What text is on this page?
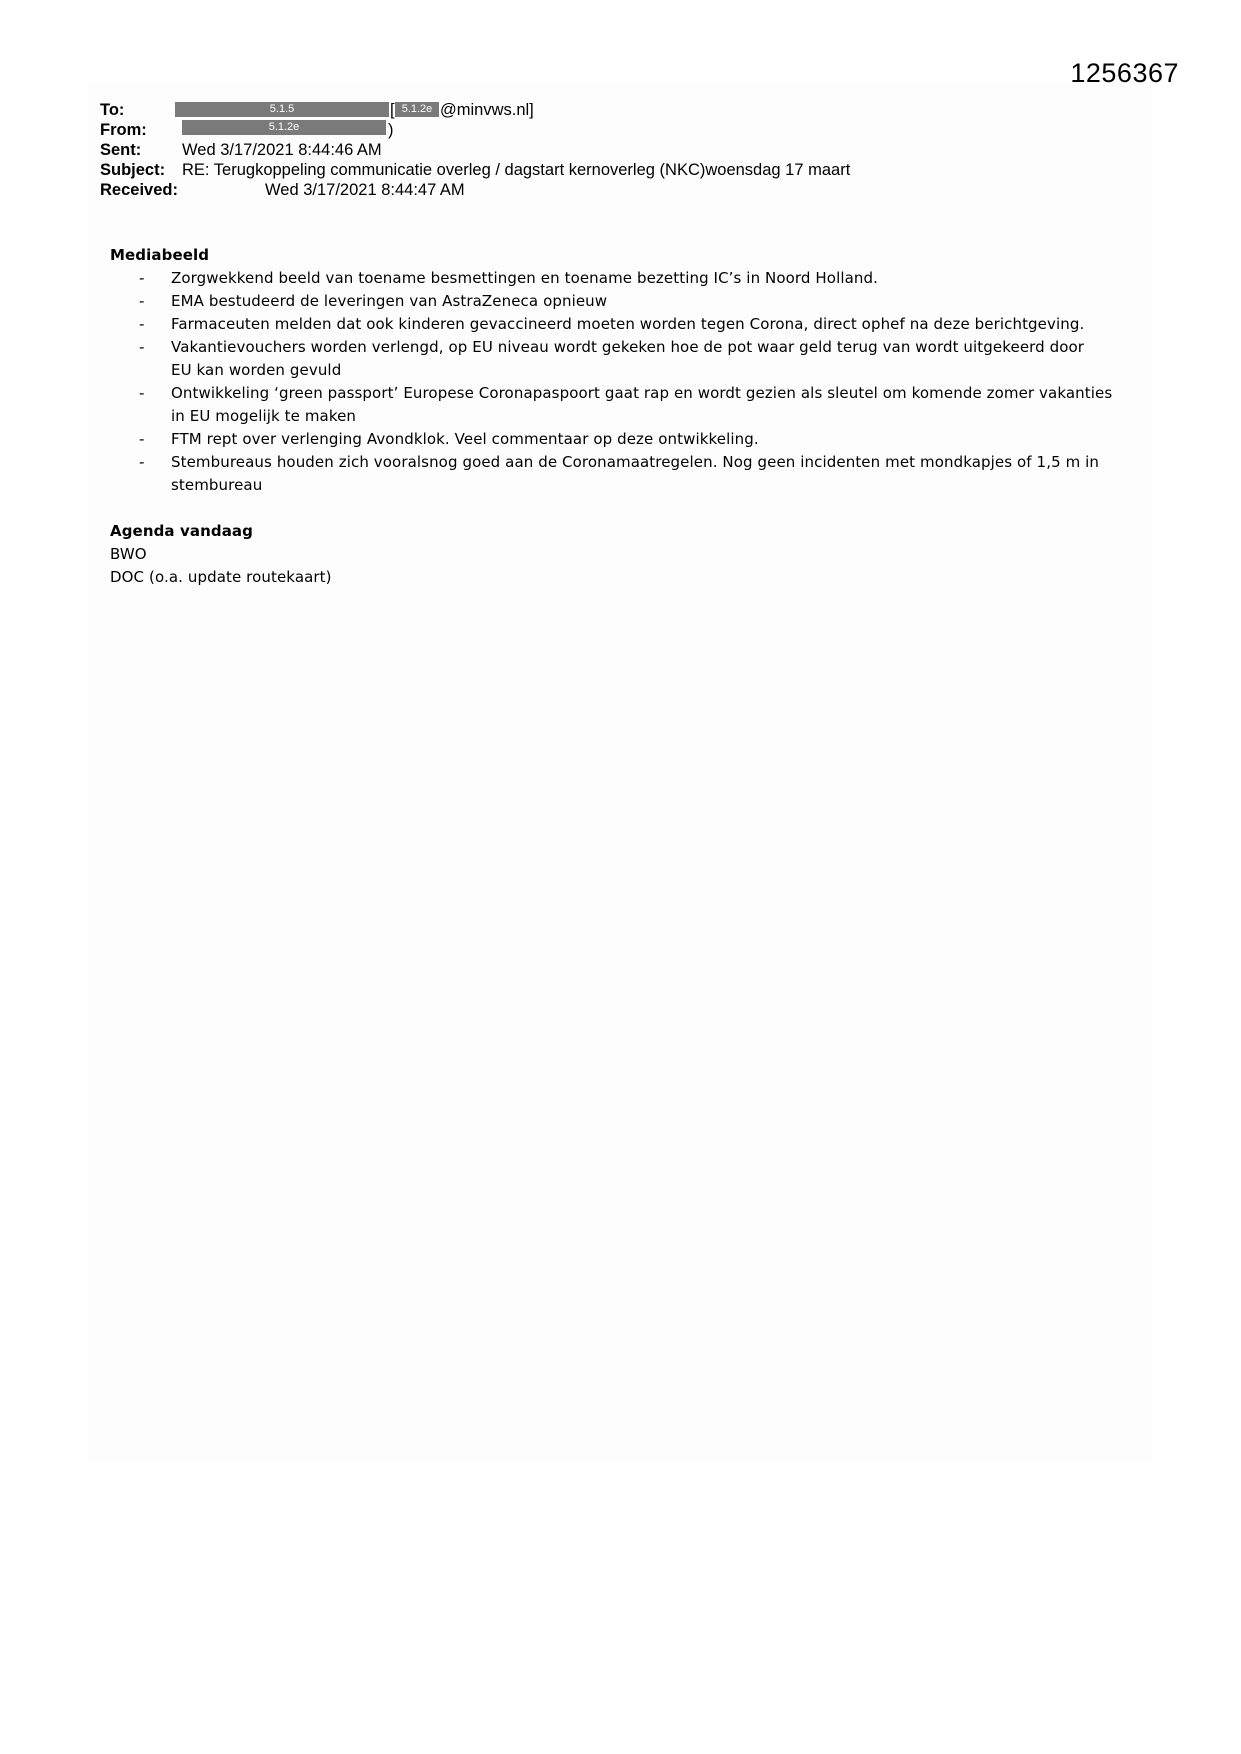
1256367
To:	5.1.5	[ 5.1.2e @minvws.nl]
From:	5.1.2e	)
Sent: Wed 3/17/2021 8:44:46 AM
Subject: RE: Terugkoppeling communicatie overleg / dagstart kernoverleg (NKC)woensdag 17 maart
Received:	Wed 3/17/2021 8:44:47 AM
Mediabeeld
- Zorgwekkend beeld van toename besmettingen en toename bezetting IC’s in Noord Holland.
- EMA bestudeerd de leveringen van AstraZeneca opnieuw
- Farmaceuten melden dat ook kinderen gevaccineerd moeten worden tegen Corona, direct ophef na deze berichtgeving.
- Vakantievouchers worden verlengd, op EU niveau wordt gekeken hoe de pot waar geld terug van wordt uitgekeerd door
EU kan worden gevuld
- Ontwikkeling ‘green passport’ Europese Coronapaspoort gaat rap en wordt gezien als sleutel om komende zomer vakanties
in EU mogelijk te maken
- FTM rept over verlenging Avondklok. Veel commentaar op deze ontwikkeling.
- Stembureaus houden zich vooralsnog goed aan de Coronamaatregelen. Nog geen incidenten met mondkapjes of 1,5 m in
stembureau
Agenda vandaag
BWO
DOC (o.a. update routekaart)
